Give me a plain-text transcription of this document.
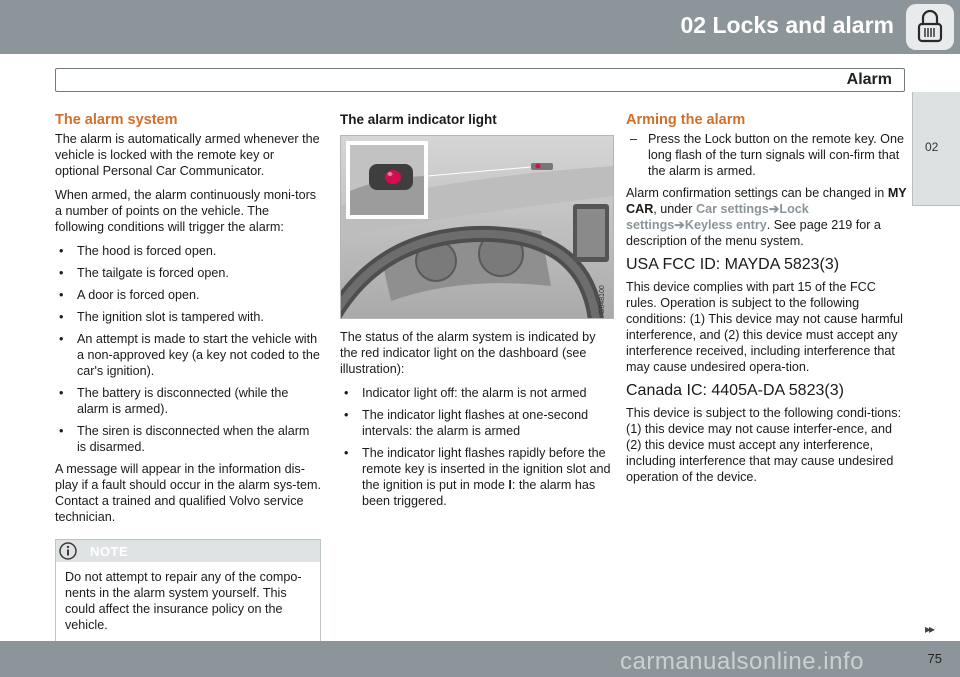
02 Locks and alarm
Alarm
02
The alarm system

The alarm is automatically armed whenever the vehicle is locked with the remote key or optional Personal Car Communicator.

When armed, the alarm continuously moni-tors a number of points on the vehicle. The following conditions will trigger the alarm:

• The hood is forced open.
• The tailgate is forced open.
• A door is forced open.
• The ignition slot is tampered with.
• An attempt is made to start the vehicle with a non-approved key (a key not coded to the car's ignition).
• The battery is disconnected (while the alarm is armed).
• The siren is disconnected when the alarm is disarmed.

A message will appear in the information dis-play if a fault should occur in the alarm sys-tem. Contact a trained and qualified Volvo service technician.

NOTE
Do not attempt to repair any of the compo-nents in the alarm system yourself. This could affect the insurance policy on the vehicle.
The alarm indicator light
G048100

The status of the alarm system is indicated by the red indicator light on the dashboard (see illustration):

• Indicator light off: the alarm is not armed
• The indicator light flashes at one-second intervals: the alarm is armed
• The indicator light flashes rapidly before the remote key is inserted in the ignition slot and the ignition is put in mode I: the alarm has been triggered.
Arming the alarm
– Press the Lock button on the remote key. One long flash of the turn signals will con-firm that the alarm is armed.

Alarm confirmation settings can be changed in MY CAR, under Car settings➔Lock settings➔Keyless entry. See page 219 for a description of the menu system.

USA FCC ID: MAYDA 5823(3)

This device complies with part 15 of the FCC rules. Operation is subject to the following conditions: (1) This device may not cause harmful interference, and (2) this device must accept any interference received, including interference that may cause undesired opera-tion.

Canada IC: 4405A-DA 5823(3)

This device is subject to the following condi-tions: (1) this device may not cause interfer-ence, and (2) this device must accept any interference, including interference that may cause undesired operation of the device.

▸▸
75
carmanualsonline.info
